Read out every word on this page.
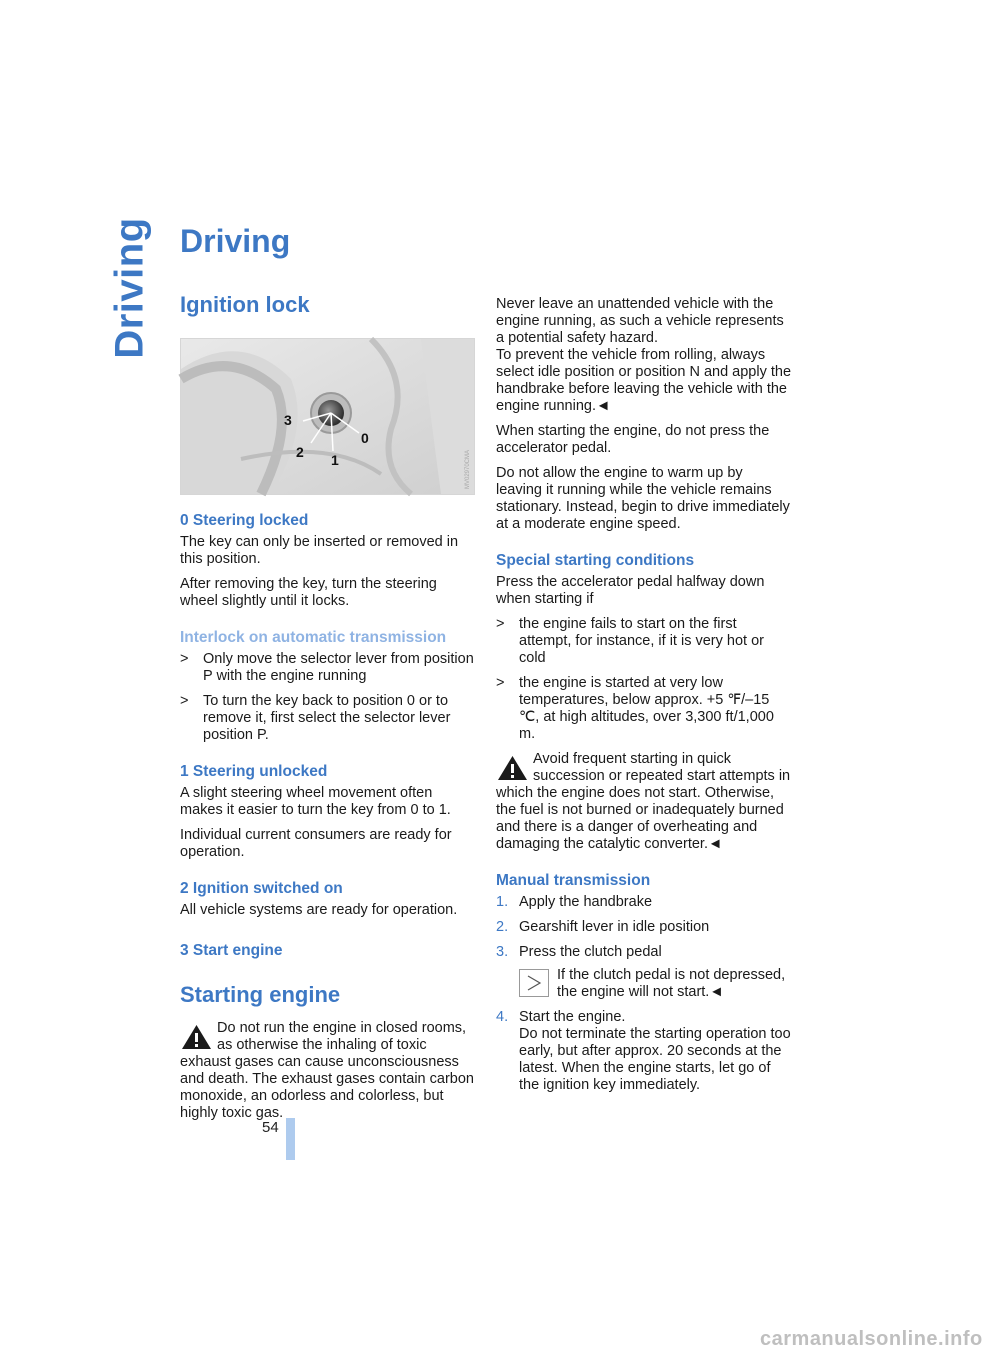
Driving Driving
Ignition lock
3
2 1
0
MV02970CMA
0 Steering locked

The key can only be inserted or removed in this position.

After removing the key, turn the steering wheel slightly until it locks.

Interlock on automatic transmission
> Only move the selector lever from position P with the engine running
> To turn the key back to position 0 or to remove it, first select the selector lever position P.
1 Steering unlocked

A slight steering wheel movement often makes it easier to turn the key from 0 to 1.

Individual current consumers are ready for operation.

2 Ignition switched on

All vehicle systems are ready for operation.

3 Start engine
Starting engine
Do not run the engine in closed rooms, as otherwise the inhaling of toxic exhaust gases can cause unconsciousness and death. The exhaust gases contain carbon monoxide, an odorless and colorless, but highly toxic gas.

Never leave an unattended vehicle with the engine running, as such a vehicle represents a potential safety hazard.

To prevent the vehicle from rolling, always select idle position or position N and apply the handbrake before leaving the vehicle with the engine running.◄

When starting the engine, do not press the accelerator pedal.

Do not allow the engine to warm up by leaving it running while the vehicle remains stationary. Instead, begin to drive immediately at a moderate engine speed.

Special starting conditions

Press the accelerator pedal halfway down when starting if

> the engine fails to start on the first attempt, for instance, if it is very hot or cold
> the engine is started at very low temperatures, below approx. +5 ℉/–15 ℃, at high altitudes, over 3,300 ft/1,000 m.
Avoid frequent starting in quick succession or repeated start attempts in which the engine does not start. Otherwise, the fuel is not burned or inadequately burned and there is a danger of overheating and damaging the catalytic converter.◄
Manual transmission
1. Apply the handbrake
2. Gearshift lever in idle position
3. Press the clutch pedal
If the clutch pedal is not depressed, the engine will not start.◄
4. Start the engine.
Do not terminate the starting operation too early, but after approx. 20 seconds at the latest. When the engine starts, let go of the ignition key immediately.
54
carmanualsonline.info
